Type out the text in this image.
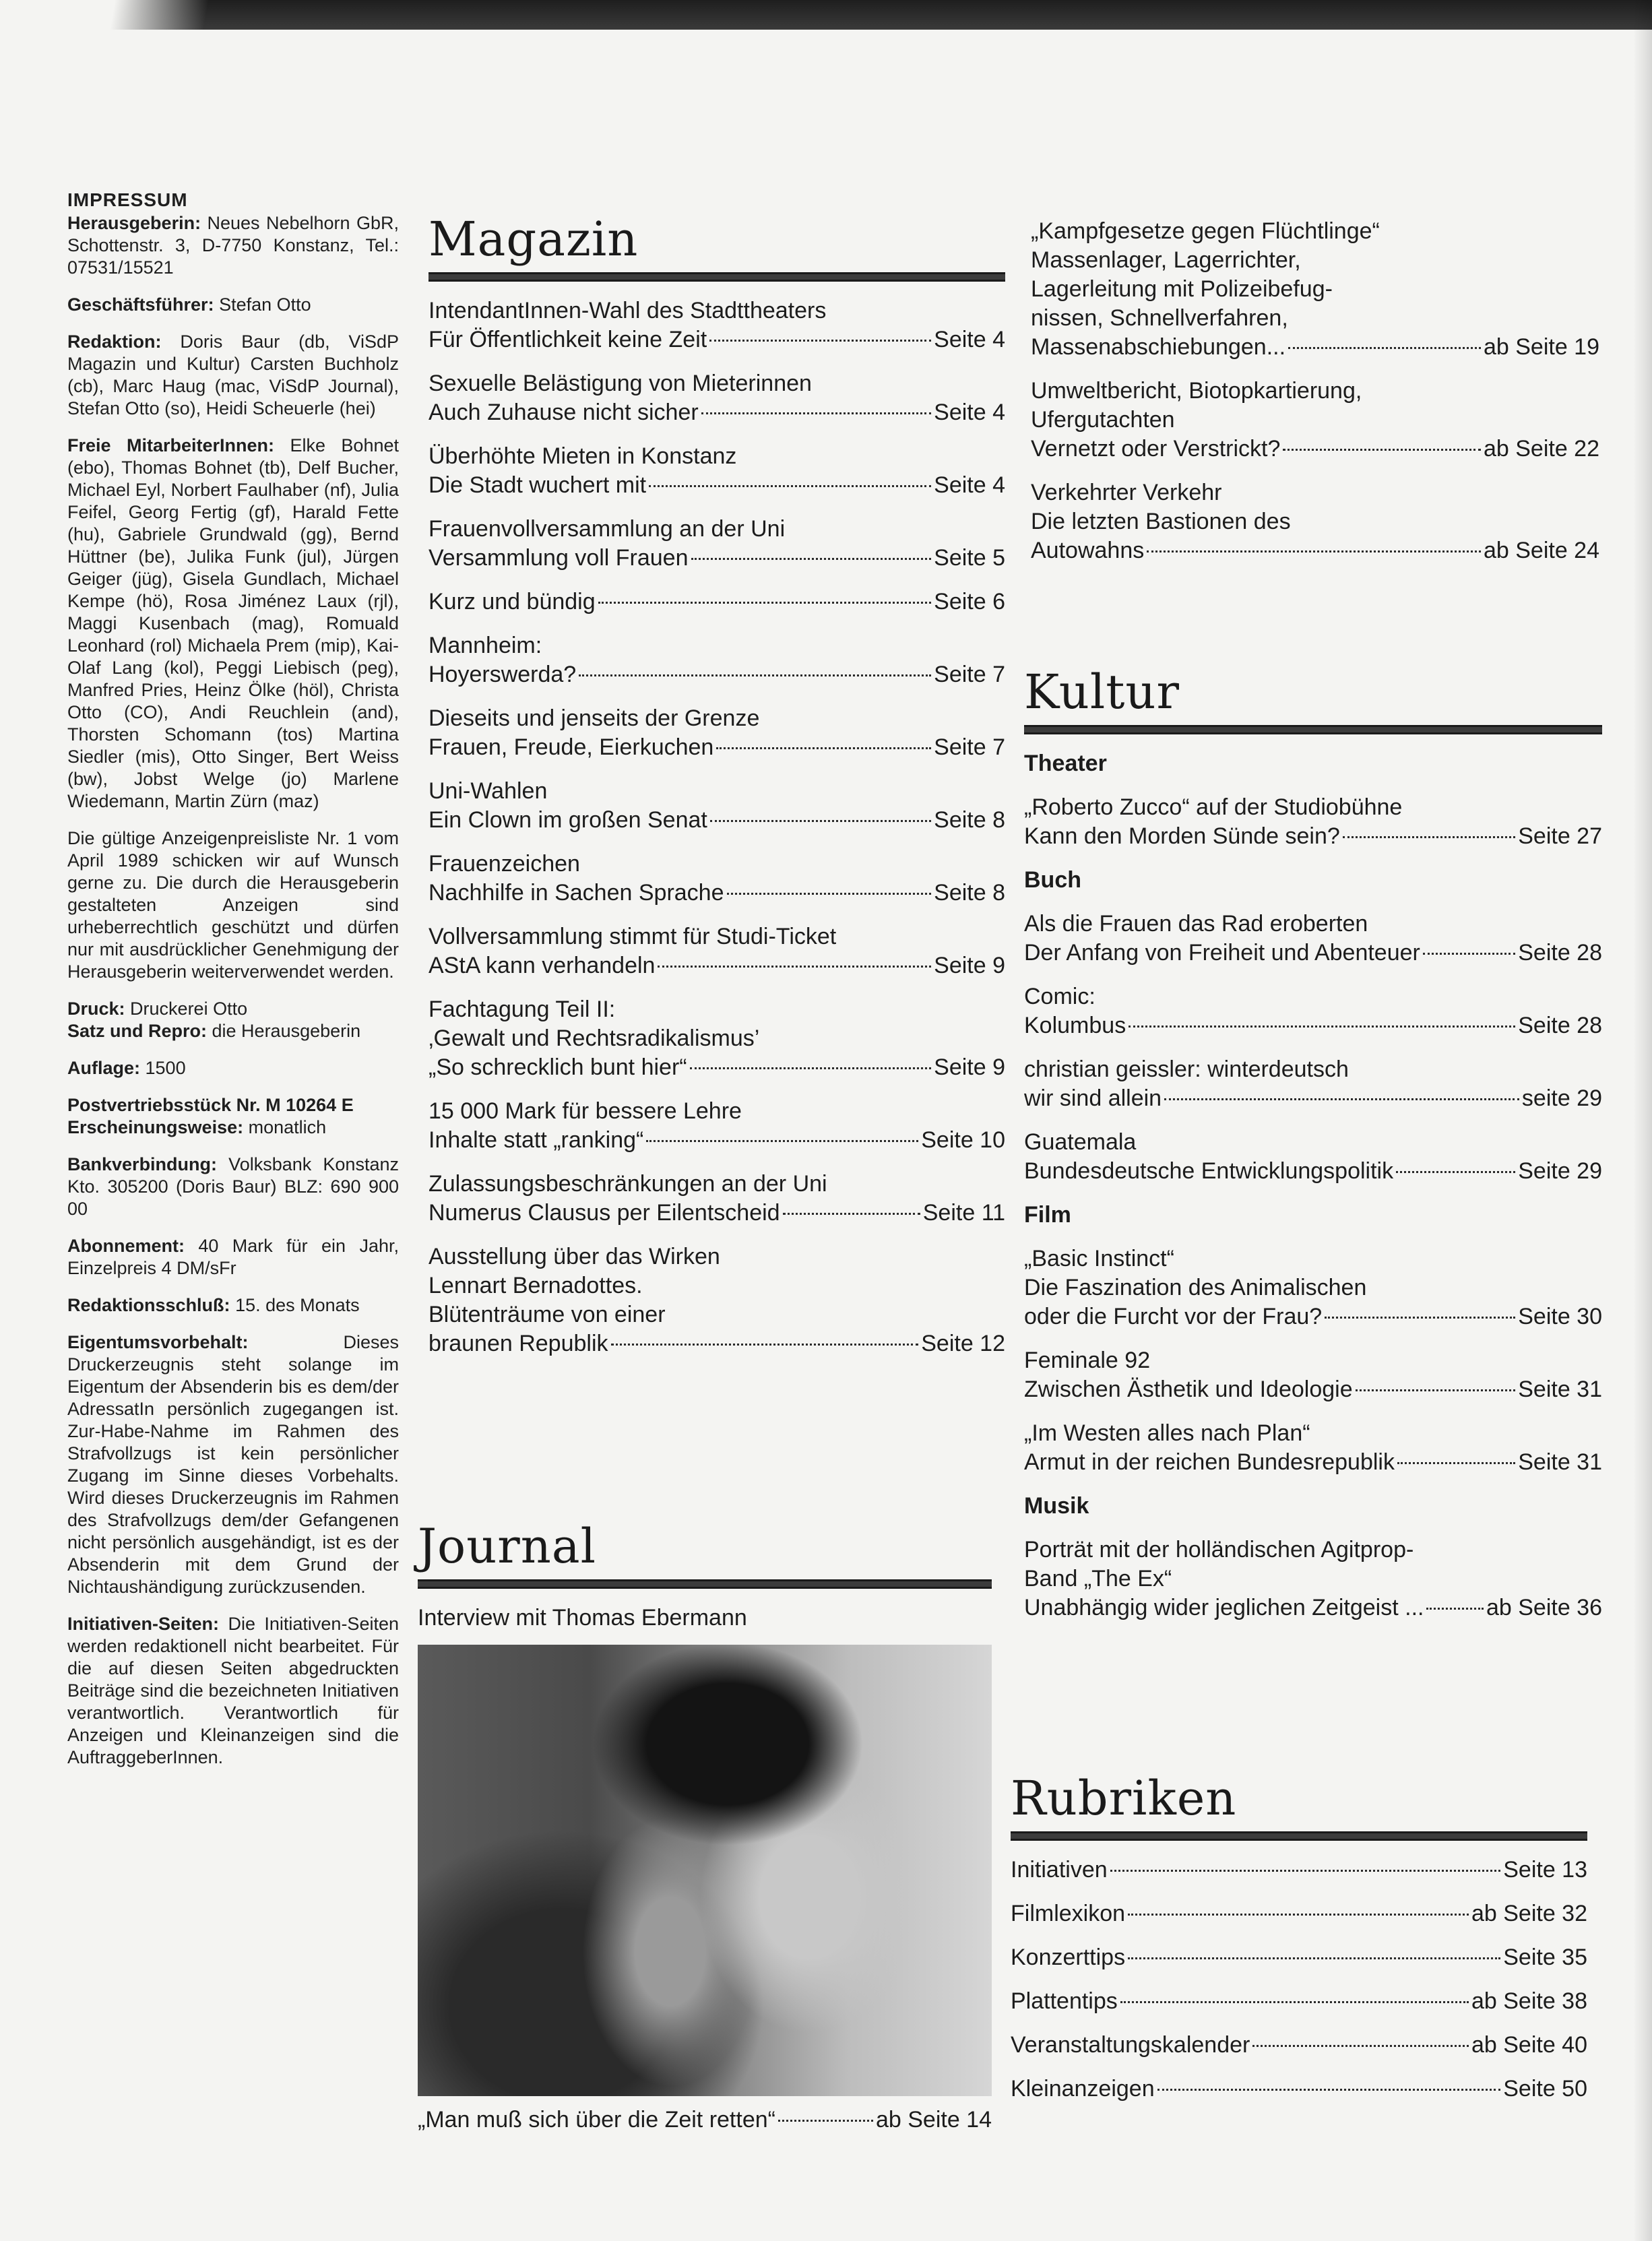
IMPRESSUM

Herausgeberin: Neues Nebelhorn GbR, Schottenstr. 3, D-7750 Konstanz, Tel.: 07531/15521

Geschäftsführer: Stefan Otto

Redaktion: Doris Baur (db, ViSdP Magazin und Kultur) Carsten Buchholz (cb), Marc Haug (mac, ViSdP Journal), Stefan Otto (so), Heidi Scheuerle (hei)

Freie MitarbeiterInnen: Elke Bohnet (ebo), Thomas Bohnet (tb), Delf Bucher, Michael Eyl, Norbert Faulhaber (nf), Julia Feifel, Georg Fertig (gf), Harald Fette (hu), Gabriele Grundwald (gg), Bernd Hüttner (be), Julika Funk (jul), Jürgen Geiger (jüg), Gisela Gundlach, Michael Kempe (hö), Rosa Jiménez Laux (rjl), Maggi Kusenbach (mag), Romuald Leonhard (rol) Michaela Prem (mip), Kai-Olaf Lang (kol), Peggi Liebisch (peg), Manfred Pries, Heinz Ölke (höl), Christa Otto (CO), Andi Reuchlein (and), Thorsten Schomann (tos) Martina Siedler (mis), Otto Singer, Bert Weiss (bw), Jobst Welge (jo) Marlene Wiedemann, Martin Zürn (maz)

Die gültige Anzeigenpreisliste Nr. 1 vom April 1989 schicken wir auf Wunsch gerne zu. Die durch die Herausgeberin gestalteten Anzeigen sind urheberrechtlich geschützt und dürfen nur mit ausdrücklicher Genehmigung der Herausgeberin weiterverwendet werden.

Druck: Druckerei Otto
Satz und Repro: die Herausgeberin

Auflage: 1500

Postvertriebsstück Nr. M 10264 E
Erscheinungsweise: monatlich

Bankverbindung: Volksbank Konstanz Kto. 305200 (Doris Baur) BLZ: 690 900 00

Abonnement: 40 Mark für ein Jahr, Einzelpreis 4 DM/sFr

Redaktionsschluß: 15. des Monats

Eigentumsvorbehalt:	Dieses Druckerzeugnis steht solange im Eigentum der Absenderin bis es dem/der AdressatIn persönlich zugegangen ist. Zur-Habe-Nahme im Rahmen des Strafvollzugs ist kein persönlicher Zugang im Sinne dieses Vorbehalts. Wird dieses Druckerzeugnis im Rahmen des Strafvollzugs dem/der Gefangenen nicht persönlich ausgehändigt, ist es der Absenderin mit dem Grund der Nichtaushändigung zurückzusenden.

Initiativen-Seiten: Die Initiativen-Seiten werden redaktionell nicht bearbeitet. Für die auf diesen Seiten abgedruckten Beiträge sind die bezeichneten Initiativen verantwortlich. Verantwortlich für Anzeigen und Kleinanzeigen sind die AuftraggeberInnen.

Magazin
IntendantInnen-Wahl des Stadttheaters
Für Öffentlichkeit keine Zeit	Seite 4
Sexuelle Belästigung von Mieterinnen
Auch Zuhause nicht sicher	Seite 4
Überhöhte Mieten in Konstanz
Die Stadt wuchert mit	Seite 4
Frauenvollversammlung an der Uni
Versammlung voll Frauen	Seite 5
Kurz und bündig	Seite 6
Mannheim:
Hoyerswerda?	Seite 7
Dieseits und jenseits der Grenze
Frauen, Freude, Eierkuchen	Seite 7
Uni-Wahlen
Ein Clown im großen Senat	Seite 8
Frauenzeichen
Nachhilfe in Sachen Sprache	Seite 8
Vollversammlung stimmt für Studi-Ticket
AStA kann verhandeln	Seite 9
Fachtagung Teil II:
‚Gewalt und Rechtsradikalismus’
„So schrecklich bunt hier“	Seite 9
15 000 Mark für bessere Lehre
Inhalte statt „ranking“	Seite 10
Zulassungsbeschränkungen an der Uni
Numerus Clausus per Eilentscheid	Seite 11
Ausstellung über das Wirken
Lennart Bernadottes.
Blütenträume von einer
braunen Republik	Seite 12
Journal
Interview mit Thomas Ebermann
„Man muß sich über die Zeit retten“	ab Seite 14
„Kampfgesetze gegen Flüchtlinge“
Massenlager, Lagerrichter,
Lagerleitung mit Polizeibefug-
nissen, Schnellverfahren,
Massenabschiebungen...	ab Seite 19
Umweltbericht, Biotopkartierung,
Ufergutachten
Vernetzt oder Verstrickt?	ab Seite 22
Verkehrter Verkehr
Die letzten Bastionen des
Autowahns	ab Seite 24
Kultur
Theater
„Roberto Zucco“ auf der Studiobühne
Kann den Morden Sünde sein?	Seite 27
Buch
Als die Frauen das Rad eroberten
Der Anfang von Freiheit und Abenteuer	Seite 28
Comic:
Kolumbus	Seite 28
christian geissler: winterdeutsch
wir sind allein	seite 29
Guatemala
Bundesdeutsche Entwicklungspolitik	Seite 29
Film
„Basic Instinct“
Die Faszination des Animalischen
oder die Furcht vor der Frau?	Seite 30
Feminale 92
Zwischen Ästhetik und Ideologie	Seite 31
„Im Westen alles nach Plan“
Armut in der reichen Bundesrepublik	Seite 31
Musik
Porträt mit der holländischen Agitprop-
Band „The Ex“
Unabhängig wider jeglichen Zeitgeist ...	ab Seite 36
Rubriken
Initiativen	Seite 13
Filmlexikon	ab Seite 32
Konzerttips	Seite 35
Plattentips	ab Seite 38
Veranstaltungskalender	ab Seite 40
Kleinanzeigen	Seite 50
